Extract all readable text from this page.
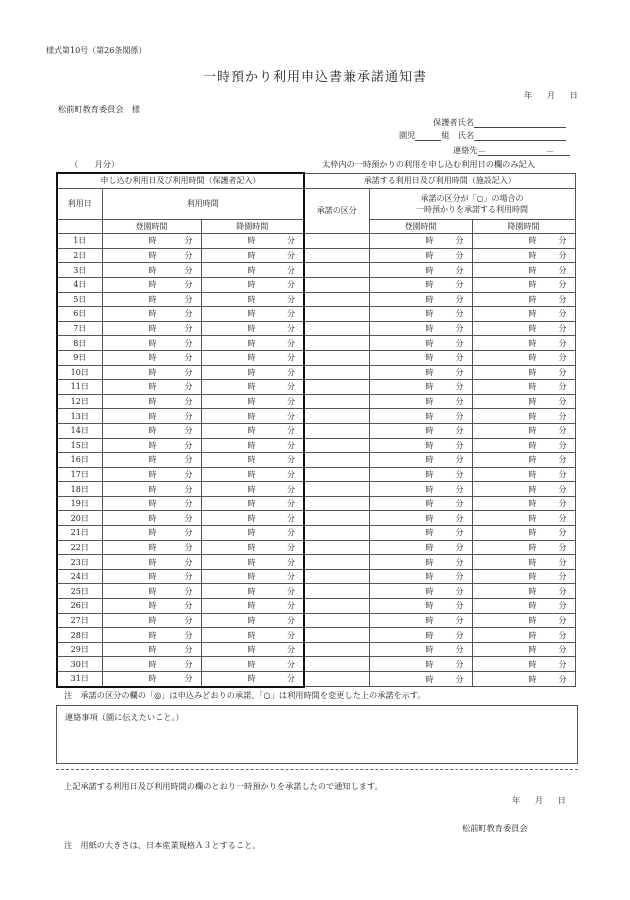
様式第10号（第26条関係）
一時預かり利用申込書兼承諾通知書
年 月 日
松前町教育委員会　様
保護者氏名
園児	組　氏名
連絡先－　－
（　　月分）	太枠内の一時預かりの利用を申し込む利用日の欄のみ記入
申し込む利用日及び利用時間（保護者記入）			承諾する利用日及び利用時間（施設記入）		
利用日	利用時間		承諾の区分	承諾の区分が「○」の場合の
一時預かりを承諾する利用時間	

	登園時間	降園時間		登園時間	降園時間
1日	時 分	時 分		時 分	時 分

2日	時 分	時 分		時 分	時 分

3日	時 分	時 分		時 分	時 分

4日	時 分	時 分		時 分	時 分

5日	時 分	時 分		時 分	時 分

6日	時 分	時 分		時 分	時 分

7日	時 分	時 分		時 分	時 分

8日	時 分	時 分		時 分	時 分

9日	時 分	時 分		時 分	時 分

10日	時 分	時 分		時 分	時 分

11日	時 分	時 分		時 分	時 分

12日	時 分	時 分		時 分	時 分

13日	時 分	時 分		時 分	時 分

14日	時 分	時 分		時 分	時 分

15日	時 分	時 分		時 分	時 分

16日	時 分	時 分		時 分	時 分

17日	時 分	時 分		時 分	時 分

18日	時 分	時 分		時 分	時 分

19日	時 分	時 分		時 分	時 分

20日	時 分	時 分		時 分	時 分

21日	時 分	時 分		時 分	時 分

22日	時 分	時 分		時 分	時 分

23日	時 分	時 分		時 分	時 分

24日	時 分	時 分		時 分	時 分

25日	時 分	時 分		時 分	時 分

26日	時 分	時 分		時 分	時 分

27日	時 分	時 分		時 分	時 分

28日	時 分	時 分		時 分	時 分

29日	時 分	時 分		時 分	時 分

30日	時 分	時 分		時 分	時 分

31日	時 分	時 分		時 分	時 分
注　承諾の区分の欄の「◎」は申込みどおりの承諾、「○」は利用時間を変更した上の承諾を示す。
連絡事項（園に伝えたいこと。）
上記承諾する利用日及び利用時間の欄のとおり一時預かりを承諾したので通知します。
年 月 日
松前町教育委員会
注　用紙の大きさは、日本産業規格Ａ３とすること。
